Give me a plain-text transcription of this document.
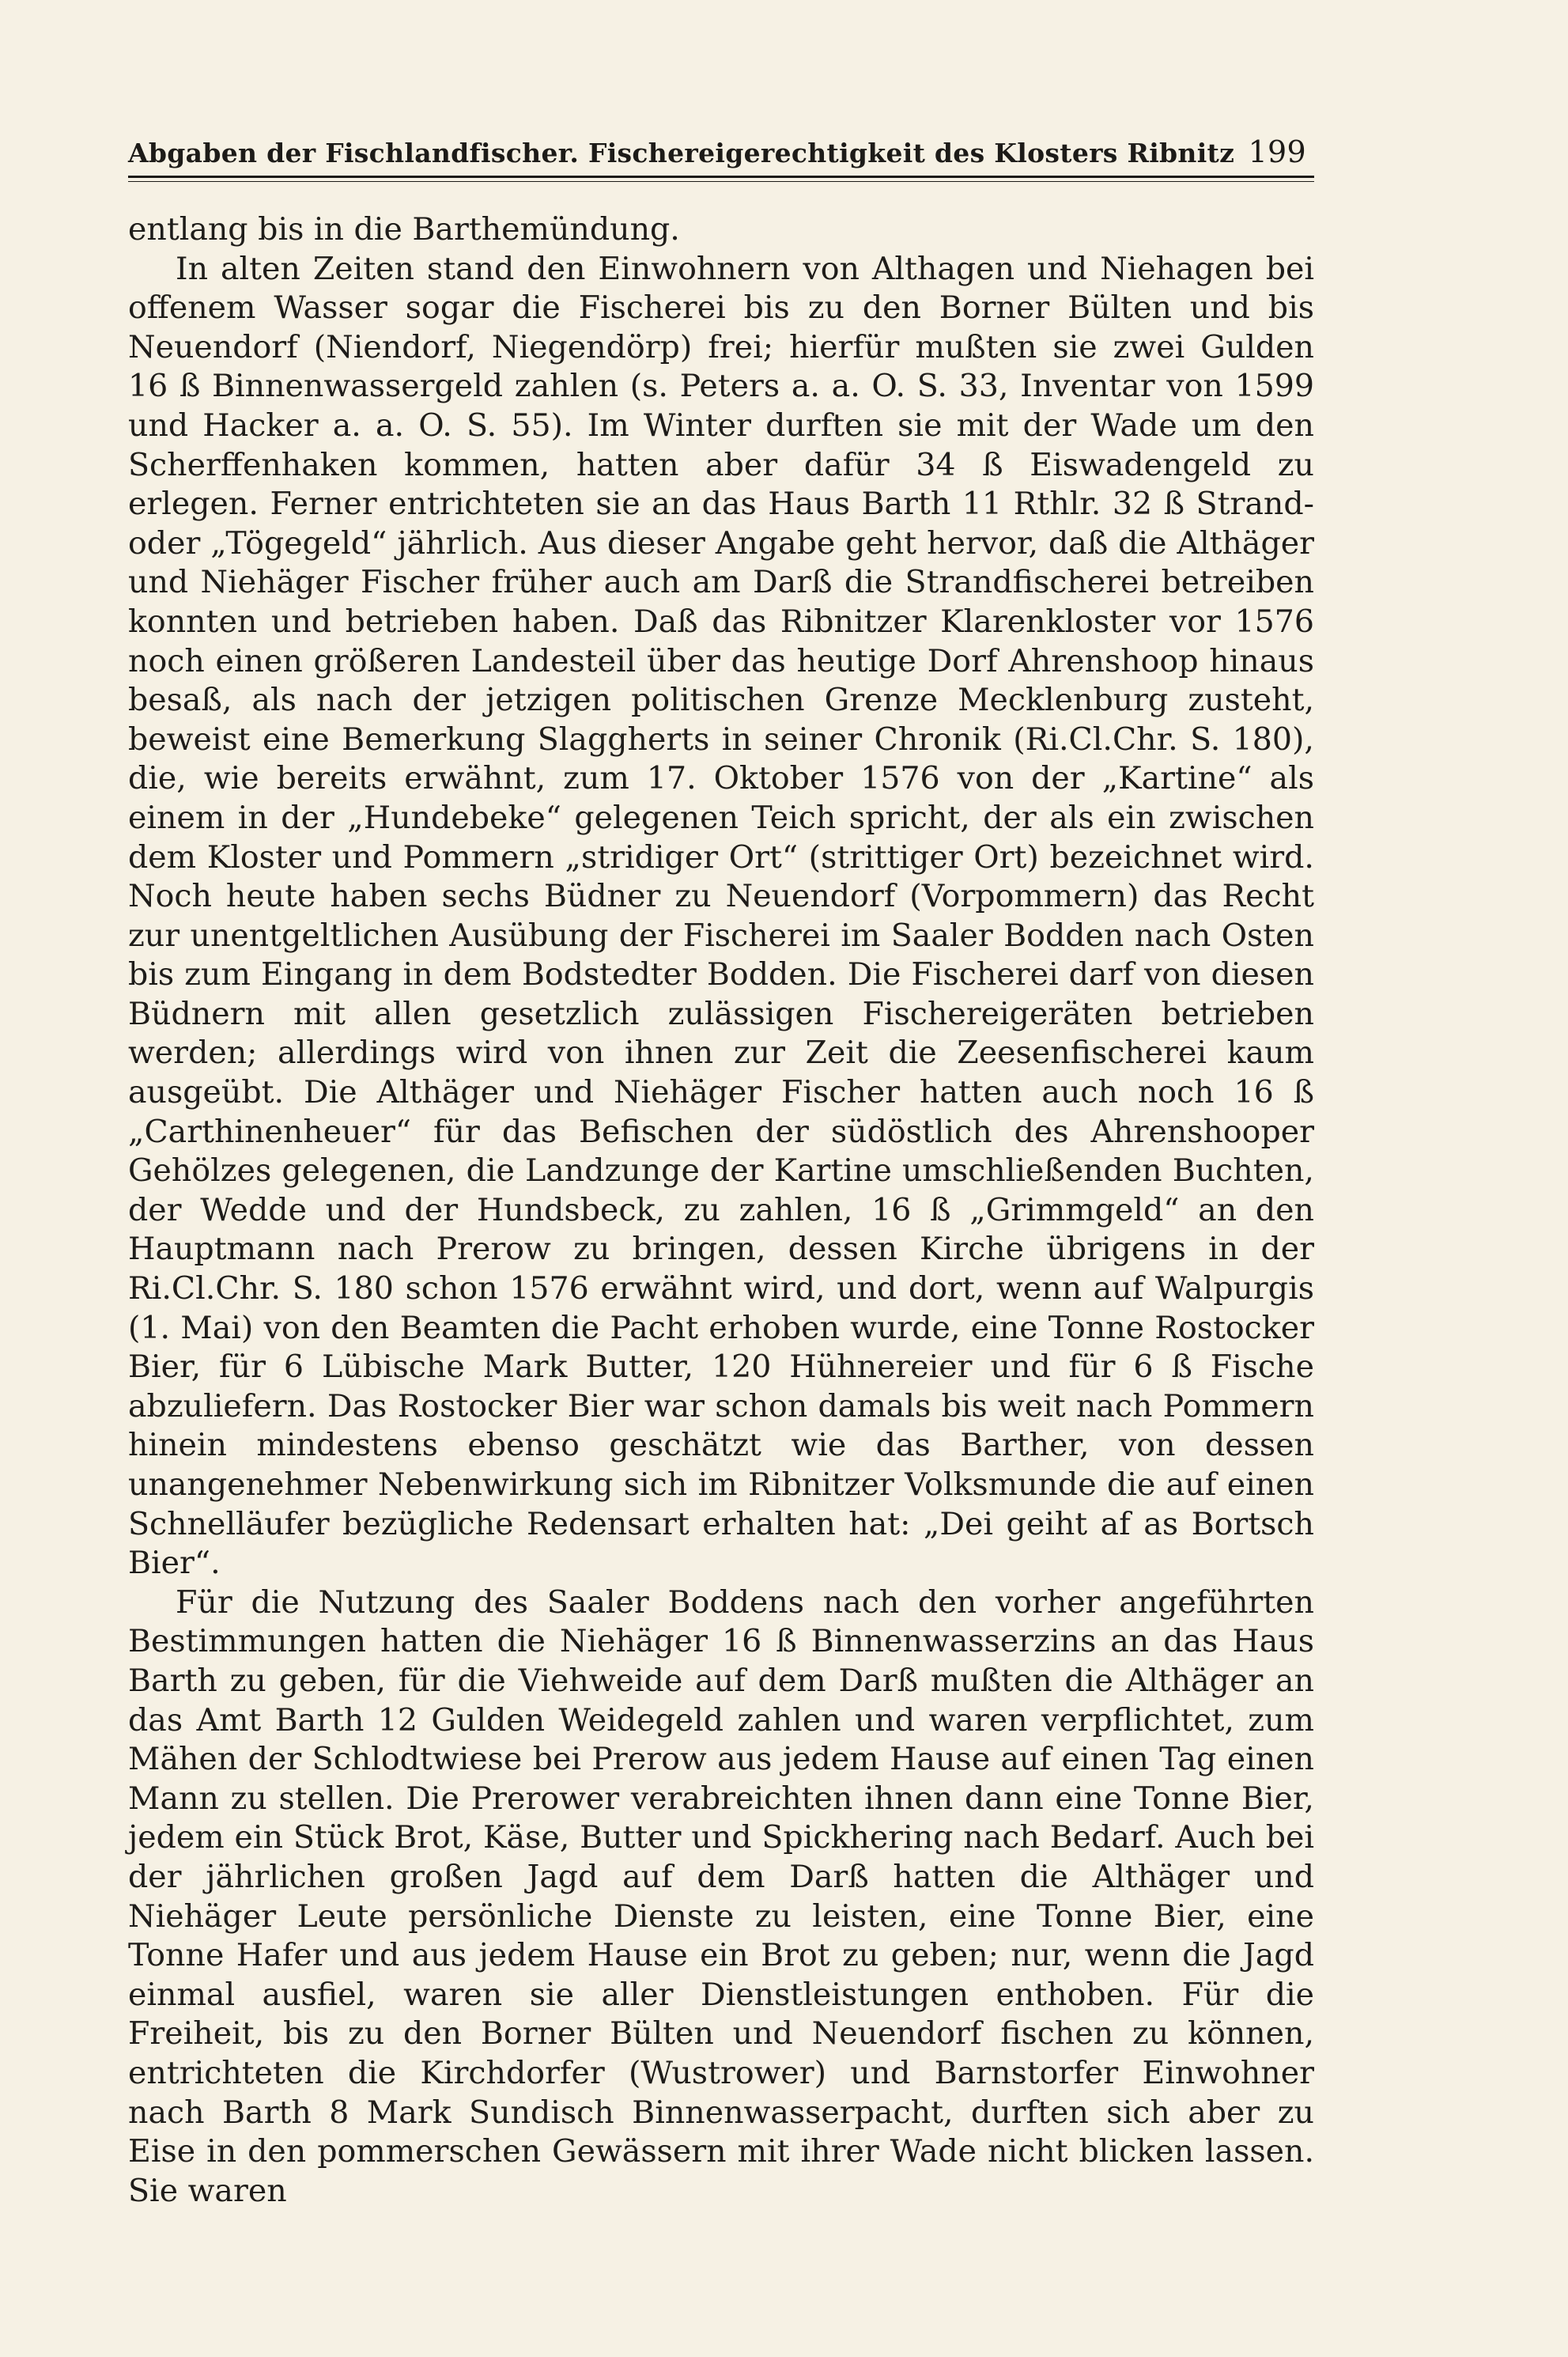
Abgaben der Fischlandfischer. Fischereigerechtigkeit des Klosters Ribnitz 199

entlang bis in die Barthemündung.

In alten Zeiten stand den Einwohnern von Althagen und Niehagen bei offenem Wasser sogar die Fischerei bis zu den Borner Bülten und bis Neuendorf (Niendorf, Niegendörp) frei; hierfür mußten sie zwei Gulden 16 ß Binnenwassergeld zahlen (s. Peters a. a. O. S. 33, Inventar von 1599 und Hacker a. a. O. S. 55). Im Winter durften sie mit der Wade um den Scherffenhaken kommen, hatten aber dafür 34 ß Eiswadengeld zu erlegen. Ferner entrichteten sie an das Haus Barth 11 Rthlr. 32 ß Strand- oder „Tögegeld“ jährlich. Aus dieser Angabe geht hervor, daß die Althäger und Niehäger Fischer früher auch am Darß die Strandfischerei betreiben konnten und betrieben haben. Daß das Ribnitzer Klarenkloster vor 1576 noch einen größeren Landesteil über das heutige Dorf Ahrenshoop hinaus besaß, als nach der jetzigen politischen Grenze Mecklenburg zusteht, beweist eine Bemerkung Slaggherts in seiner Chronik (Ri.Cl.Chr. S. 180), die, wie bereits erwähnt, zum 17. Oktober 1576 von der „Kartine“ als einem in der „Hundebeke“ gelegenen Teich spricht, der als ein zwischen dem Kloster und Pommern „stridiger Ort“ (strittiger Ort) bezeichnet wird. Noch heute haben sechs Büdner zu Neuendorf (Vorpommern) das Recht zur unentgeltlichen Ausübung der Fischerei im Saaler Bodden nach Osten bis zum Eingang in dem Bodstedter Bodden. Die Fischerei darf von diesen Büdnern mit allen gesetzlich zulässigen Fischereigeräten betrieben werden; allerdings wird von ihnen zur Zeit die Zeesenfischerei kaum ausgeübt. Die Althäger und Niehäger Fischer hatten auch noch 16 ß „Carthinenheuer“ für das Befischen der südöstlich des Ahrenshooper Gehölzes gelegenen, die Landzunge der Kartine umschließenden Buchten, der Wedde und der Hundsbeck, zu zahlen, 16 ß „Grimmgeld“ an den Hauptmann nach Prerow zu bringen, dessen Kirche übrigens in der Ri.Cl.Chr. S. 180 schon 1576 erwähnt wird, und dort, wenn auf Walpurgis (1. Mai) von den Beamten die Pacht erhoben wurde, eine Tonne Rostocker Bier, für 6 Lübische Mark Butter, 120 Hühnereier und für 6 ß Fische abzuliefern. Das Rostocker Bier war schon damals bis weit nach Pommern hinein mindestens ebenso geschätzt wie das Barther, von dessen unangenehmer Nebenwirkung sich im Ribnitzer Volksmunde die auf einen Schnelläufer bezügliche Redensart erhalten hat: „Dei geiht af as Bortsch Bier“.

Für die Nutzung des Saaler Boddens nach den vorher angeführten Bestimmungen hatten die Niehäger 16 ß Binnenwasserzins an das Haus Barth zu geben, für die Viehweide auf dem Darß mußten die Althäger an das Amt Barth 12 Gulden Weidegeld zahlen und waren verpflichtet, zum Mähen der Schlodtwiese bei Prerow aus jedem Hause auf einen Tag einen Mann zu stellen. Die Prerower verabreichten ihnen dann eine Tonne Bier, jedem ein Stück Brot, Käse, Butter und Spickhering nach Bedarf. Auch bei der jährlichen großen Jagd auf dem Darß hatten die Althäger und Niehäger Leute persönliche Dienste zu leisten, eine Tonne Bier, eine Tonne Hafer und aus jedem Hause ein Brot zu geben; nur, wenn die Jagd einmal ausfiel, waren sie aller Dienstleistungen enthoben. Für die Freiheit, bis zu den Borner Bülten und Neuendorf fischen zu können, entrichteten die Kirchdorfer (Wustrower) und Barnstorfer Einwohner nach Barth 8 Mark Sundisch Binnenwasserpacht, durften sich aber zu Eise in den pommerschen Gewässern mit ihrer Wade nicht blicken lassen. Sie waren
